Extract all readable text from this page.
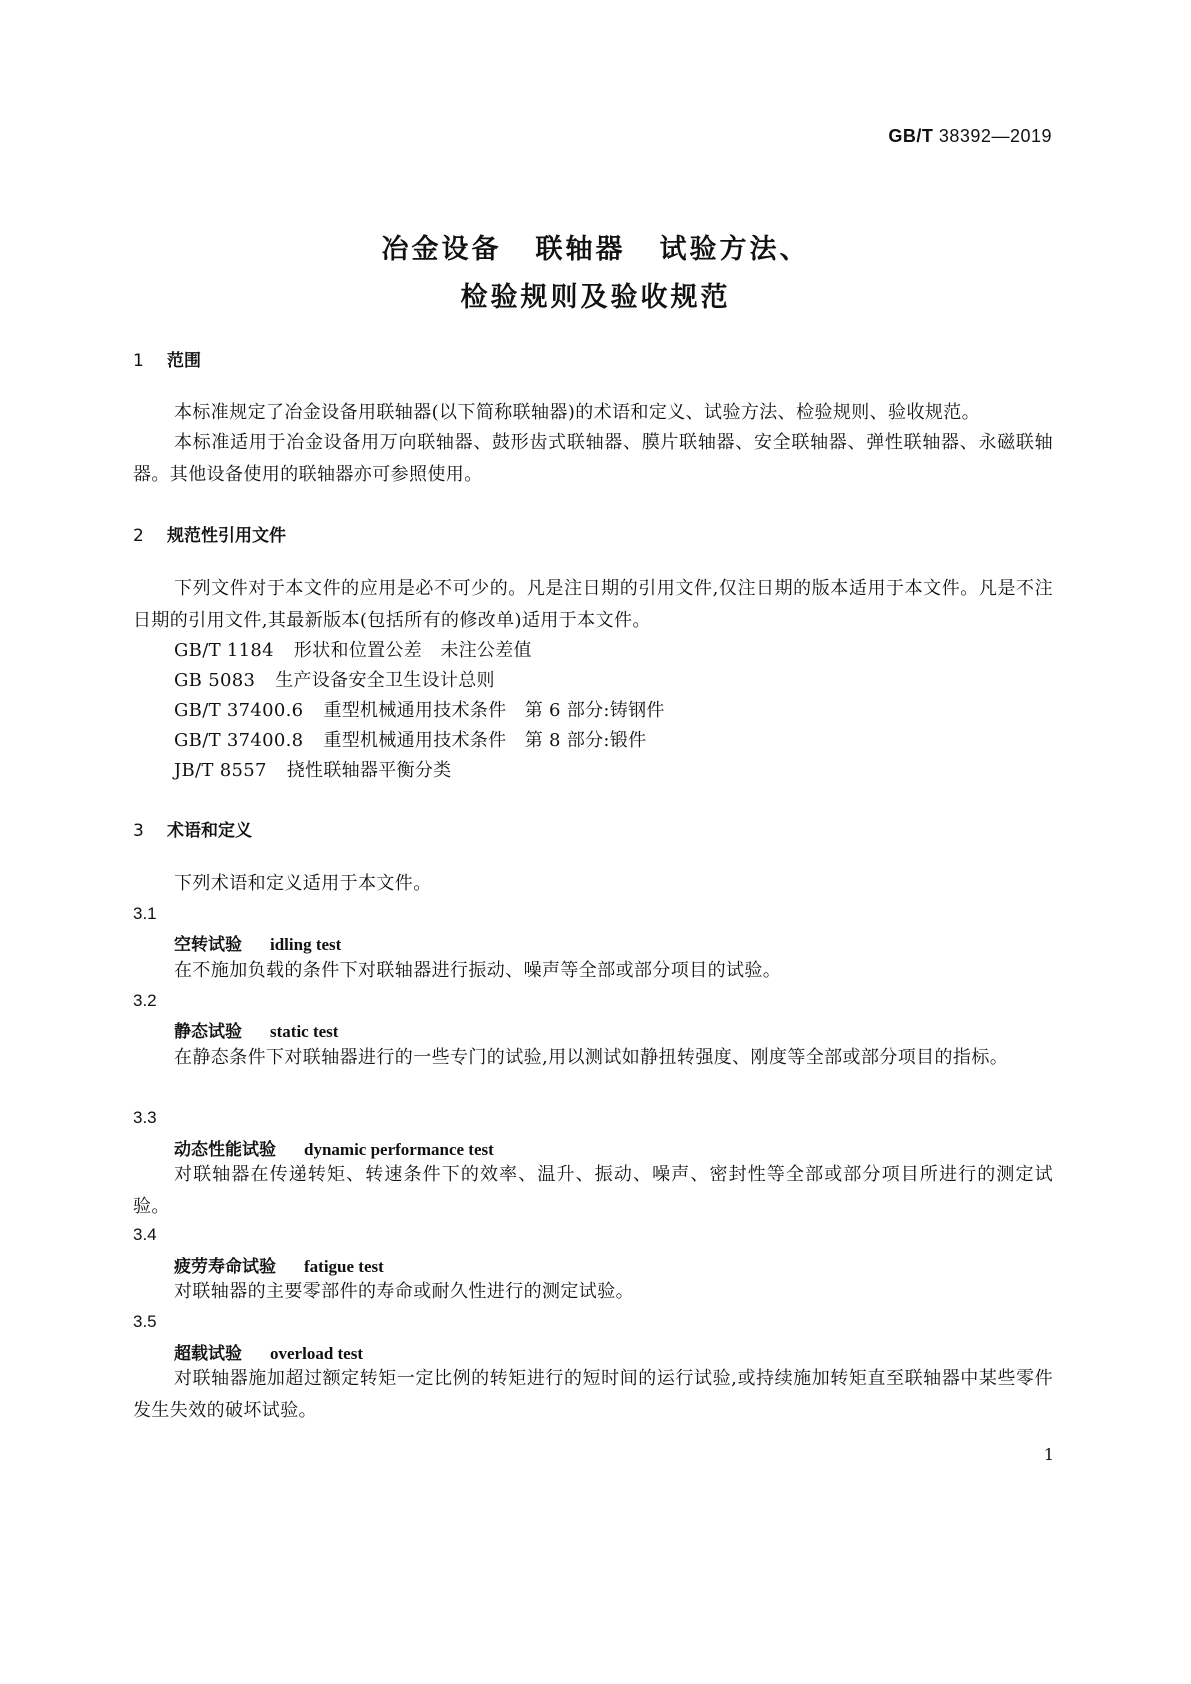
GB/T 38392—2019
冶金设备 联轴器 试验方法、
检验规则及验收规范
1 范围
本标准规定了冶金设备用联轴器(以下简称联轴器)的术语和定义、试验方法、检验规则、验收规范。
本标准适用于冶金设备用万向联轴器、鼓形齿式联轴器、膜片联轴器、安全联轴器、弹性联轴器、永磁联轴器。其他设备使用的联轴器亦可参照使用。
2 规范性引用文件
下列文件对于本文件的应用是必不可少的。凡是注日期的引用文件,仅注日期的版本适用于本文件。凡是不注日期的引用文件,其最新版本(包括所有的修改单)适用于本文件。
GB/T 1184 形状和位置公差　未注公差值
GB 5083 生产设备安全卫生设计总则
GB/T 37400.6 重型机械通用技术条件　第 6 部分:铸钢件
GB/T 37400.8 重型机械通用技术条件　第 8 部分:锻件
JB/T 8557 挠性联轴器平衡分类
3 术语和定义
下列术语和定义适用于本文件。
3.1
空转试验 idling test
在不施加负载的条件下对联轴器进行振动、噪声等全部或部分项目的试验。
3.2
静态试验 static test
在静态条件下对联轴器进行的一些专门的试验,用以测试如静扭转强度、刚度等全部或部分项目的指标。
3.3
动态性能试验 dynamic performance test
对联轴器在传递转矩、转速条件下的效率、温升、振动、噪声、密封性等全部或部分项目所进行的测定试验。
3.4
疲劳寿命试验 fatigue test
对联轴器的主要零部件的寿命或耐久性进行的测定试验。
3.5
超载试验 overload test
对联轴器施加超过额定转矩一定比例的转矩进行的短时间的运行试验,或持续施加转矩直至联轴器中某些零件发生失效的破坏试验。
1
